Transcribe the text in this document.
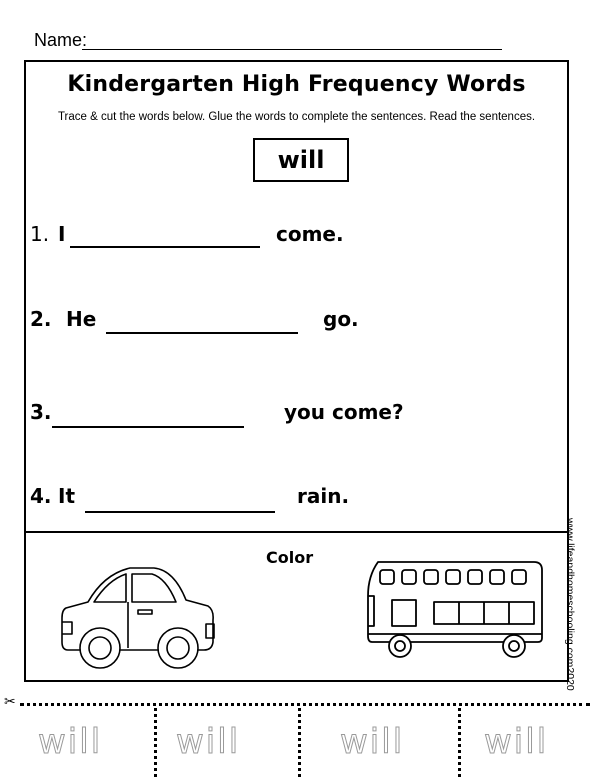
Name:
Kindergarten High Frequency Words
Trace & cut the words below. Glue the words to complete the sentences. Read the sentences.
will
1. I	come.
2. He	go.
3.	you come?
4. It	rain.
Color	www.lifeandhomeschooling.com2020
✂
will will	will will
